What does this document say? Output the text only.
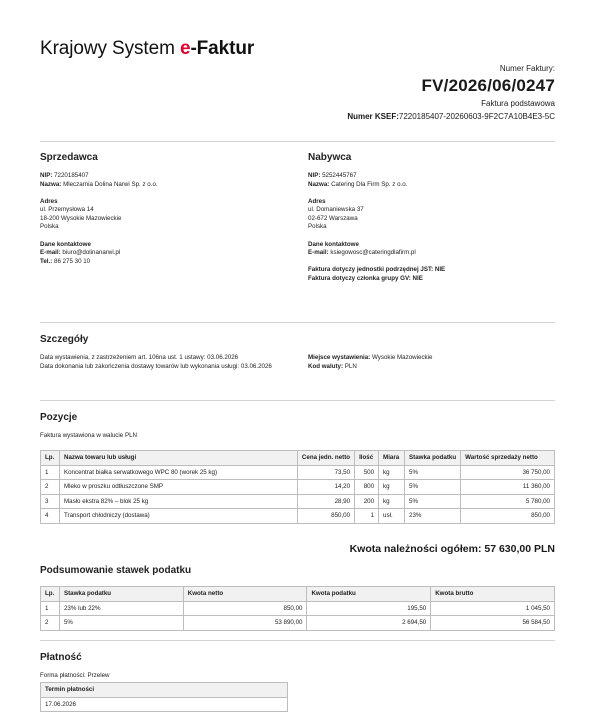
Krajowy System e-Faktur
Numer Faktury:
FV/2026/06/0247
Faktura podstawowa
Numer KSEF:7220185407-20260603-9F2C7A10B4E3-5C
Sprzedawca
NIP: 7220185407
Nazwa: Mleczarnia Dolina Narwi Sp. z o.o.
Adres
ul. Przemysłowa 14
18-200 Wysokie Mazowieckie
Polska
Dane kontaktowe
E-mail: biuro@dolinanarwi.pl
Tel.: 86 275 30 10
Nabywca
NIP: 5252445767
Nazwa: Catering Dla Firm Sp. z o.o.
Adres
ul. Domaniewska 37
02-672 Warszawa
Polska
Dane kontaktowe
E-mail: ksiegowosc@cateringdlafirm.pl
Faktura dotyczy jednostki podrzędnej JST: NIE
Faktura dotyczy członka grupy GV: NIE
Szczegóły
Data wystawienia, z zastrzeżeniem art. 106na ust. 1 ustawy: 03.06.2026
Data dokonania lub zakończenia dostawy towarów lub wykonania usługi: 03.06.2026
Miejsce wystawienia: Wysokie Mazowieckie
Kod waluty: PLN
Pozycje
Faktura wystawiona w walucie PLN
Lp.	Nazwa towaru lub usługi	Cena jedn. netto	Ilość	Miara	Stawka podatku	Wartość sprzedaży netto
1	Koncentrat białka serwatkowego WPC 80 (worek 25 kg)	73,50	500	kg	5%	36 750,00
2	Mleko w proszku odtłuszczone SMP	14,20	800	kg	5%	11 360,00
3	Masło ekstra 82% – blok 25 kg	28,90	200	kg	5%	5 780,00
4	Transport chłodniczy (dostawa)	850,00	1	usł.	23%	850,00
Kwota należności ogółem: 57 630,00 PLN
Podsumowanie stawek podatku
Lp.	Stawka podatku	Kwota netto	Kwota podatku	Kwota brutto
1	23% lub 22%	850,00	195,50	1 045,50
2	5%	53 890,00	2 694,50	56 584,50
Płatność
Forma płatności: Przelew
Termin płatności
17.06.2026
